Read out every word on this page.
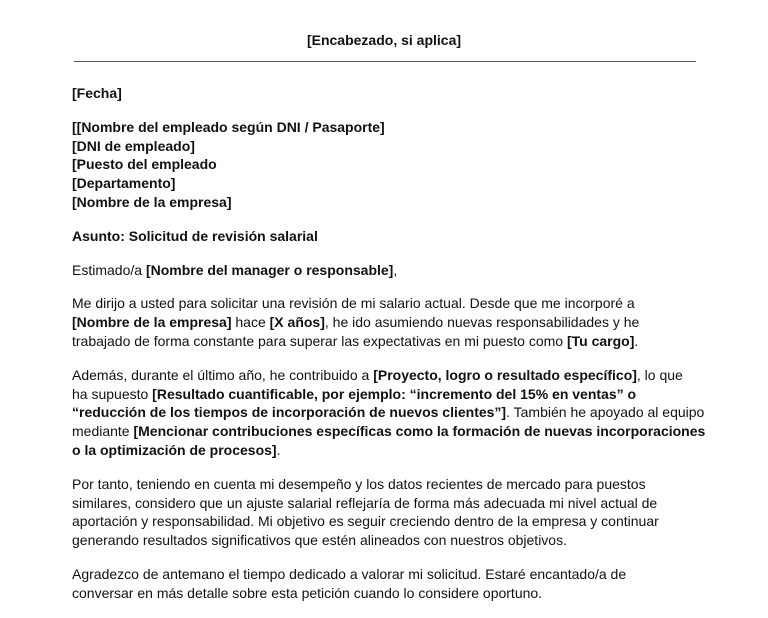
[Encabezado, si aplica]
[Fecha]
[[Nombre del empleado según DNI / Pasaporte]
[DNI de empleado]
[Puesto del empleado
[Departamento]
[Nombre de la empresa]
Asunto: Solicitud de revisión salarial
Estimado/a [Nombre del manager o responsable],
Me dirijo a usted para solicitar una revisión de mi salario actual. Desde que me incorporé a
[Nombre de la empresa] hace [X años], he ido asumiendo nuevas responsabilidades y he
trabajado de forma constante para superar las expectativas en mi puesto como [Tu cargo].
Además, durante el último año, he contribuido a [Proyecto, logro o resultado específico], lo que
ha supuesto [Resultado cuantificable, por ejemplo: “incremento del 15% en ventas” o
“reducción de los tiempos de incorporación de nuevos clientes”]. También he apoyado al equipo
mediante [Mencionar contribuciones específicas como la formación de nuevas incorporaciones
o la optimización de procesos].
Por tanto, teniendo en cuenta mi desempeño y los datos recientes de mercado para puestos
similares, considero que un ajuste salarial reflejaría de forma más adecuada mi nivel actual de
aportación y responsabilidad. Mi objetivo es seguir creciendo dentro de la empresa y continuar
generando resultados significativos que estén alineados con nuestros objetivos.
Agradezco de antemano el tiempo dedicado a valorar mi solicitud. Estaré encantado/a de
conversar en más detalle sobre esta petición cuando lo considere oportuno.
